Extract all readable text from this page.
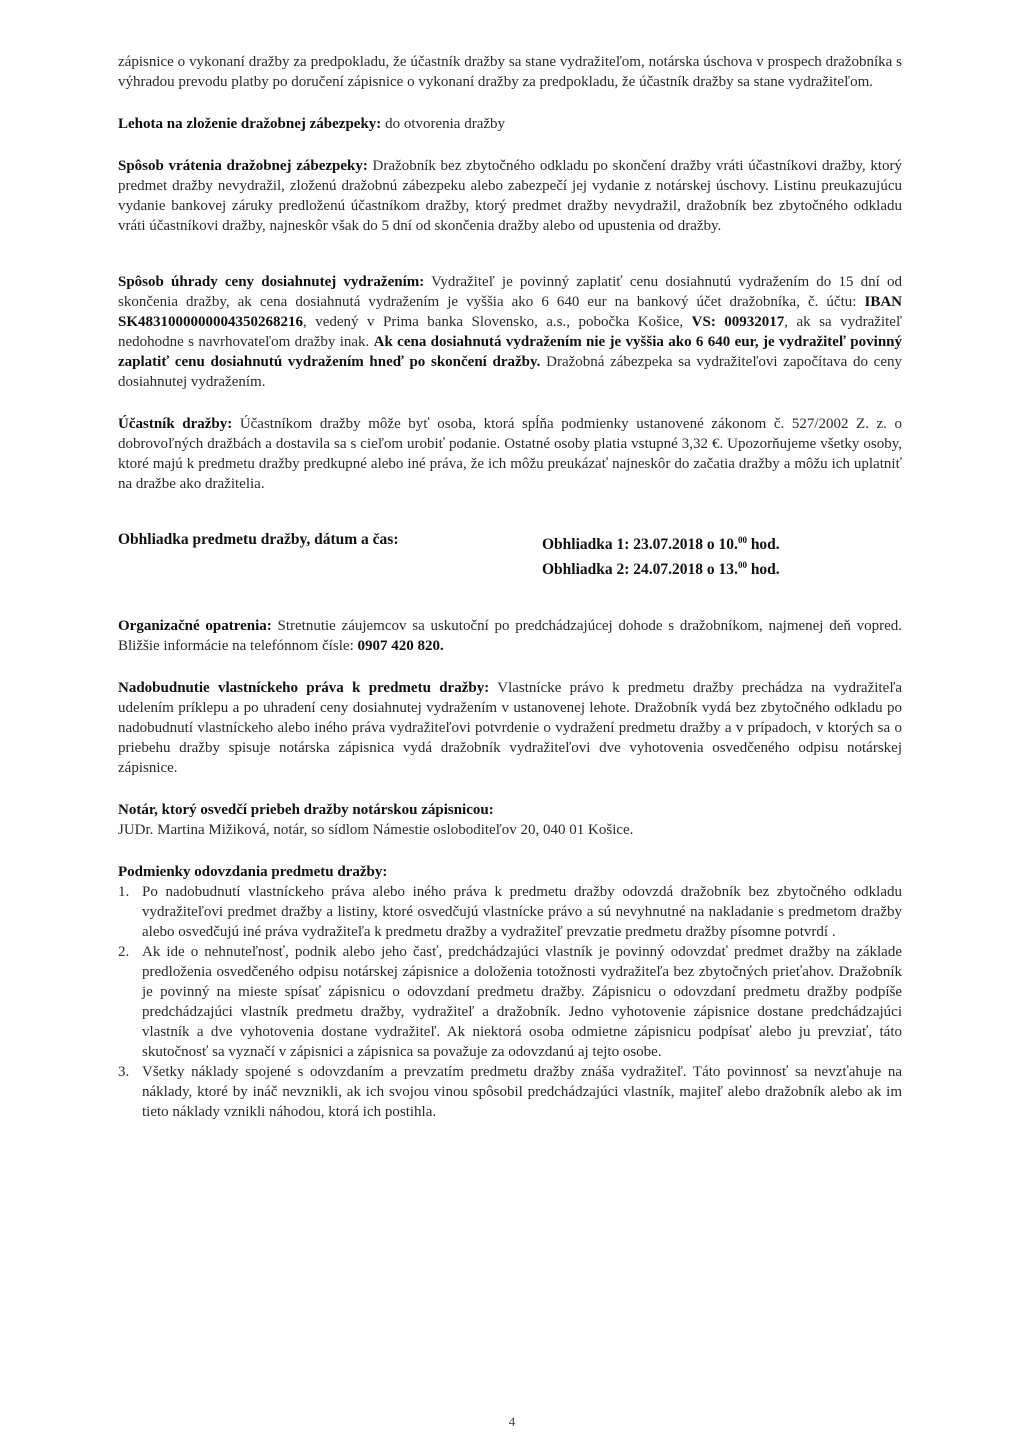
zápisnice o vykonaní dražby za predpokladu, že účastník dražby sa stane vydražiteľom, notárska úschova v prospech dražobníka s výhradou prevodu platby po doručení zápisnice o vykonaní dražby za predpokladu, že účastník dražby sa stane vydražiteľom.

Lehota na zloženie dražobnej zábezpeky: do otvorenia dražby

Spôsob vrátenia dražobnej zábezpeky: Dražobník bez zbytočného odkladu po skončení dražby vráti účastníkovi dražby, ktorý predmet dražby nevydražil, zloženú dražobnú zábezpeku alebo zabezpečí jej vydanie z notárskej úschovy. Listinu preukazujúcu vydanie bankovej záruky predloženú účastníkom dražby, ktorý predmet dražby nevydražil, dražobník bez zbytočného odkladu vráti účastníkovi dražby, najneskôr však do 5 dní od skončenia dražby alebo od upustenia od dražby.

Spôsob úhrady ceny dosiahnutej vydražením: Vydražiteľ je povinný zaplatiť cenu dosiahnutú vydražením do 15 dní od skončenia dražby, ak cena dosiahnutá vydražením je vyššia ako 6 640 eur na bankový účet dražobníka, č. účtu: IBAN SK4831000000004350268216, vedený v Prima banka Slovensko, a.s., pobočka Košice, VS: 00932017, ak sa vydražiteľ nedohodne s navrhovateľom dražby inak. Ak cena dosiahnutá vydražením nie je vyššia ako 6 640 eur, je vydražiteľ povinný zaplatiť cenu dosiahnutú vydražením hneď po skončení dražby. Dražobná zábezpeka sa vydražiteľovi započítava do ceny dosiahnutej vydražením.

Účastník dražby: Účastníkom dražby môže byť osoba, ktorá spĺňa podmienky ustanovené zákonom č. 527/2002 Z. z. o dobrovoľných dražbách a dostavila sa s cieľom urobiť podanie. Ostatné osoby platia vstupné 3,32 €. Upozorňujeme všetky osoby, ktoré majú k predmetu dražby predkupné alebo iné práva, že ich môžu preukázať najneskôr do začatia dražby a môžu ich uplatniť na dražbe ako dražitelia.

Obhliadka predmetu dražby, dátum a čas:	Obhliadka 1: 23.07.2018 o 10.00 hod.
Obhliadka 2: 24.07.2018 o 13.00 hod.

Organizačné opatrenia: Stretnutie záujemcov sa uskutoční po predchádzajúcej dohode s dražobníkom, najmenej deň vopred. Bližšie informácie na telefónnom čísle: 0907 420 820.

Nadobudnutie vlastníckeho práva k predmetu dražby: Vlastnícke právo k predmetu dražby prechádza na vydražiteľa udelením príklepu a po uhradení ceny dosiahnutej vydražením v ustanovenej lehote. Dražobník vydá bez zbytočného odkladu po nadobudnutí vlastníckeho alebo iného práva vydražiteľovi potvrdenie o vydražení predmetu dražby a v prípadoch, v ktorých sa o priebehu dražby spisuje notárska zápisnica vydá dražobník vydražiteľovi dve vyhotovenia osvedčeného odpisu notárskej zápisnice.

Notár, ktorý osvedčí priebeh dražby notárskou zápisnicou:

JUDr. Martina Mižiková, notár, so sídlom Námestie osloboditeľov 20, 040 01 Košice.

Podmienky odovzdania predmetu dražby:

1. Po nadobudnutí vlastníckeho práva alebo iného práva k predmetu dražby odovzdá dražobník bez zbytočného odkladu vydražiteľovi predmet dražby a listiny, ktoré osvedčujú vlastnícke právo a sú nevyhnutné na nakladanie s predmetom dražby alebo osvedčujú iné práva vydražiteľa k predmetu dražby a vydražiteľ prevzatie predmetu dražby písomne potvrdí .
2. Ak ide o nehnuteľnosť, podnik alebo jeho časť, predchádzajúci vlastník je povinný odovzdať predmet dražby na základe predloženia osvedčeného odpisu notárskej zápisnice a doloženia totožnosti vydražiteľa bez zbytočných prieťahov. Dražobník je povinný na mieste spísať zápisnicu o odovzdaní predmetu dražby. Zápisnicu o odovzdaní predmetu dražby podpíše predchádzajúci vlastník predmetu dražby, vydražiteľ a dražobník. Jedno vyhotovenie zápisnice dostane predchádzajúci vlastník a dve vyhotovenia dostane vydražiteľ. Ak niektorá osoba odmietne zápisnicu podpísať alebo ju prevziať, táto skutočnosť sa vyznačí v zápisnici a zápisnica sa považuje za odovzdanú aj tejto osobe.
3. Všetky náklady spojené s odovzdaním a prevzatím predmetu dražby znáša vydražiteľ. Táto povinnosť sa nevzťahuje na náklady, ktoré by ináč nevznikli, ak ich svojou vinou spôsobil predchádzajúci vlastník, majiteľ alebo dražobník alebo ak im tieto náklady vznikli náhodou, ktorá ich postihla.
4
